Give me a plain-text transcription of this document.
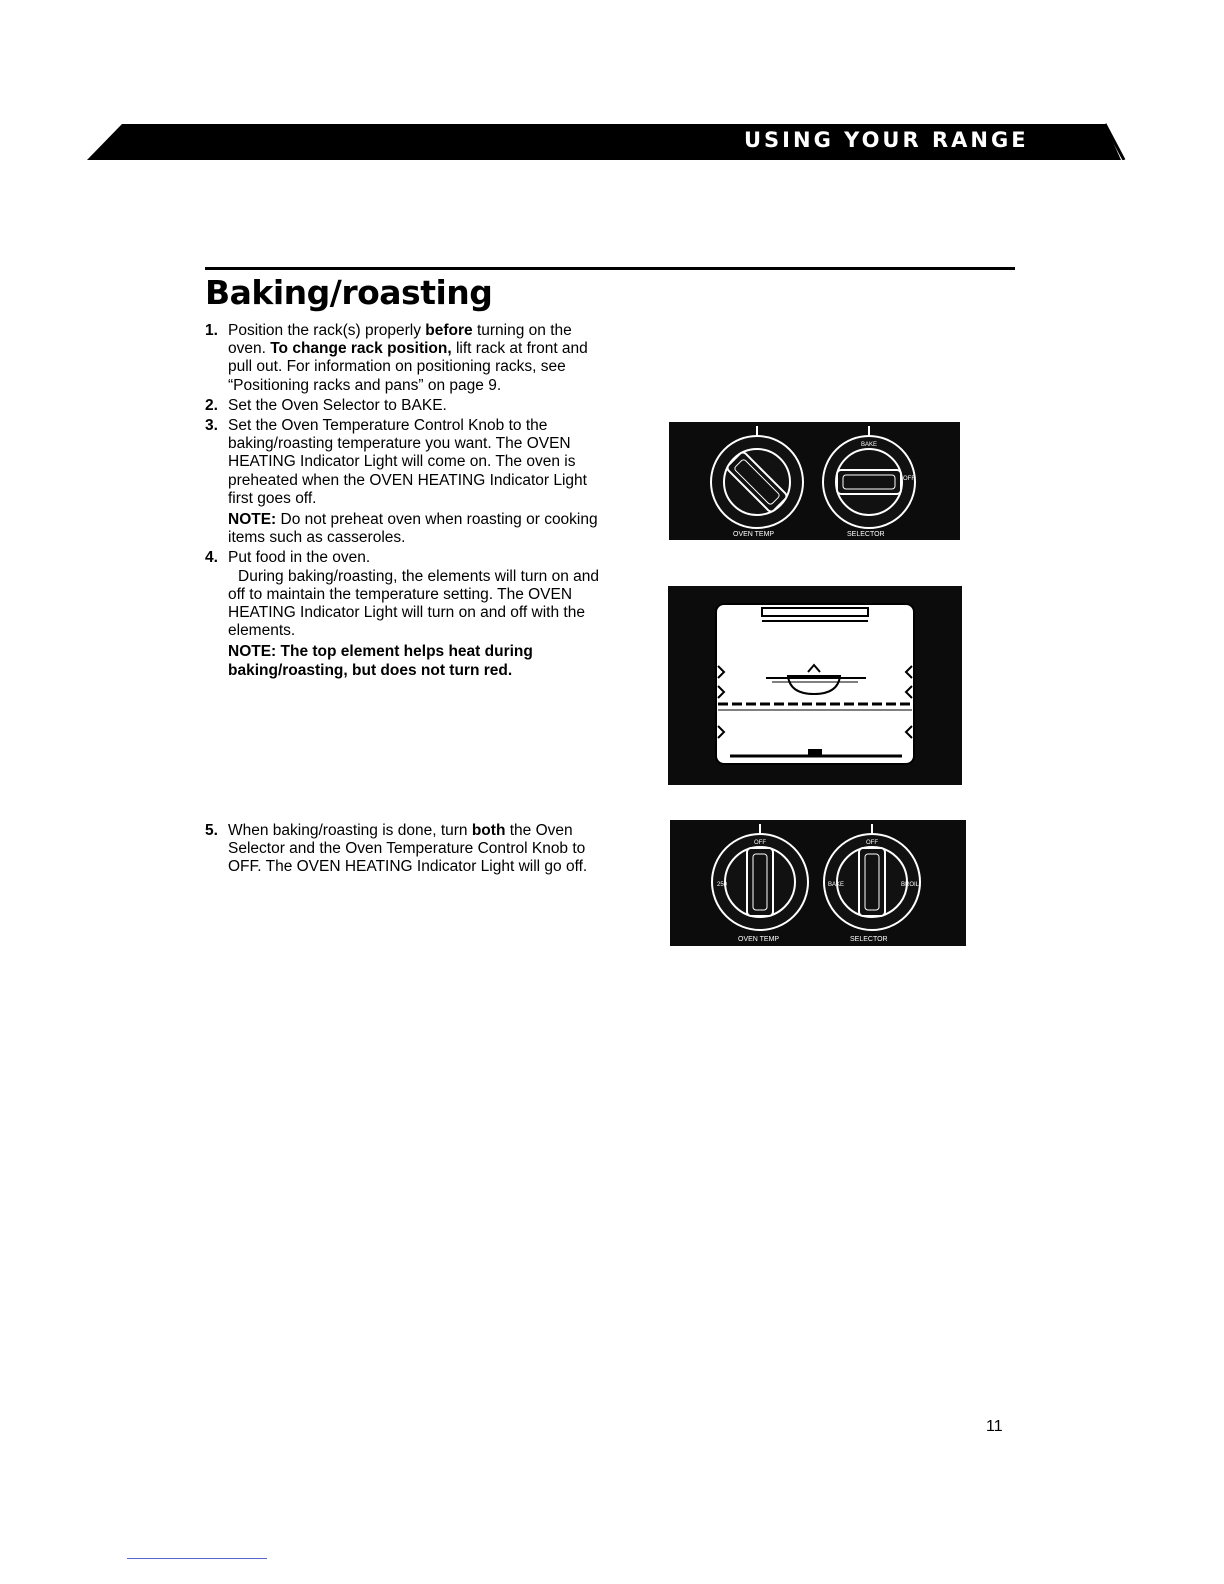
USING YOUR RANGE
Baking/roasting
1. Position the rack(s) properly before turning on the oven. To change rack position, lift rack at front and pull out. For information on positioning racks, see “Positioning racks and pans” on page 9.
2. Set the Oven Selector to BAKE.
3. Set the Oven Temperature Control Knob to the baking/roasting temperature you want. The OVEN HEATING Indicator Light will come on. The oven is preheated when the OVEN HEATING Indicator Light first goes off.
NOTE: Do not preheat oven when roasting or cooking items such as casseroles.
4. Put food in the oven.
During baking/roasting, the elements will turn on and off to maintain the temperature setting. The OVEN HEATING Indicator Light will turn on and off with the elements.
NOTE: The top element helps heat during baking/roasting, but does not turn red.
5. When baking/roasting is done, turn both the Oven Selector and the Oven Temperature Control Knob to OFF. The OVEN HEATING Indicator Light will go off.
BAKE
OFF
OVEN TEMP	SELECTOR
OFF
250
OFF
BAKE	BROIL
OVEN TEMP	SELECTOR
11
